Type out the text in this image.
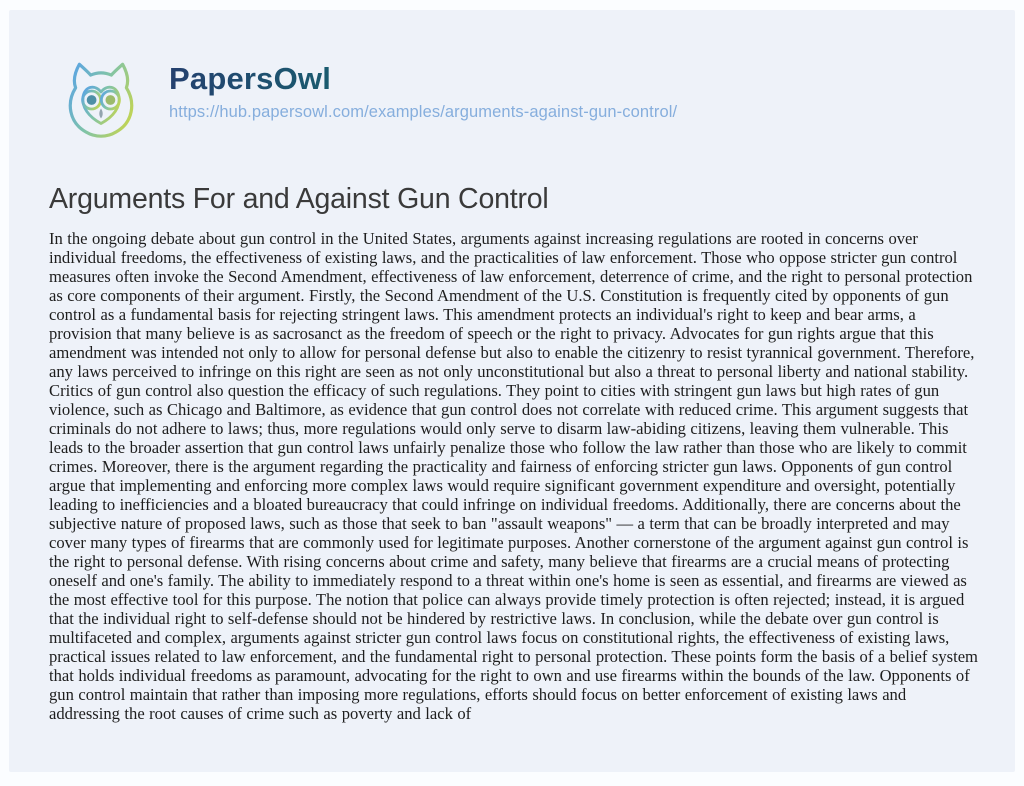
PapersOwl
https://hub.papersowl.com/examples/arguments-against-gun-control/
Arguments For and Against Gun Control

In the ongoing debate about gun control in the United States, arguments against increasing regulations are rooted in concerns over individual freedoms, the effectiveness of existing laws, and the practicalities of law enforcement. Those who oppose stricter gun control measures often invoke the Second Amendment, effectiveness of law enforcement, deterrence of crime, and the right to personal protection as core components of their argument. Firstly, the Second Amendment of the U.S. Constitution is frequently cited by opponents of gun control as a fundamental basis for rejecting stringent laws. This amendment protects an individual's right to keep and bear arms, a provision that many believe is as sacrosanct as the freedom of speech or the right to privacy. Advocates for gun rights argue that this amendment was intended not only to allow for personal defense but also to enable the citizenry to resist tyrannical government. Therefore, any laws perceived to infringe on this right are seen as not only unconstitutional but also a threat to personal liberty and national stability. Critics of gun control also question the efficacy of such regulations. They point to cities with stringent gun laws but high rates of gun violence, such as Chicago and Baltimore, as evidence that gun control does not correlate with reduced crime. This argument suggests that criminals do not adhere to laws; thus, more regulations would only serve to disarm law-abiding citizens, leaving them vulnerable. This leads to the broader assertion that gun control laws unfairly penalize those who follow the law rather than those who are likely to commit crimes. Moreover, there is the argument regarding the practicality and fairness of enforcing stricter gun laws. Opponents of gun control argue that implementing and enforcing more complex laws would require significant government expenditure and oversight, potentially leading to inefficiencies and a bloated bureaucracy that could infringe on individual freedoms. Additionally, there are concerns about the subjective nature of proposed laws, such as those that seek to ban "assault weapons" — a term that can be broadly interpreted and may cover many types of firearms that are commonly used for legitimate purposes. Another cornerstone of the argument against gun control is the right to personal defense. With rising concerns about crime and safety, many believe that firearms are a crucial means of protecting oneself and one's family. The ability to immediately respond to a threat within one's home is seen as essential, and firearms are viewed as the most effective tool for this purpose. The notion that police can always provide timely protection is often rejected; instead, it is argued that the individual right to self-defense should not be hindered by restrictive laws. In conclusion, while the debate over gun control is multifaceted and complex, arguments against stricter gun control laws focus on constitutional rights, the effectiveness of existing laws, practical issues related to law enforcement, and the fundamental right to personal protection. These points form the basis of a belief system that holds individual freedoms as paramount, advocating for the right to own and use firearms within the bounds of the law. Opponents of gun control maintain that rather than imposing more regulations, efforts should focus on better enforcement of existing laws and addressing the root causes of crime such as poverty and lack of
